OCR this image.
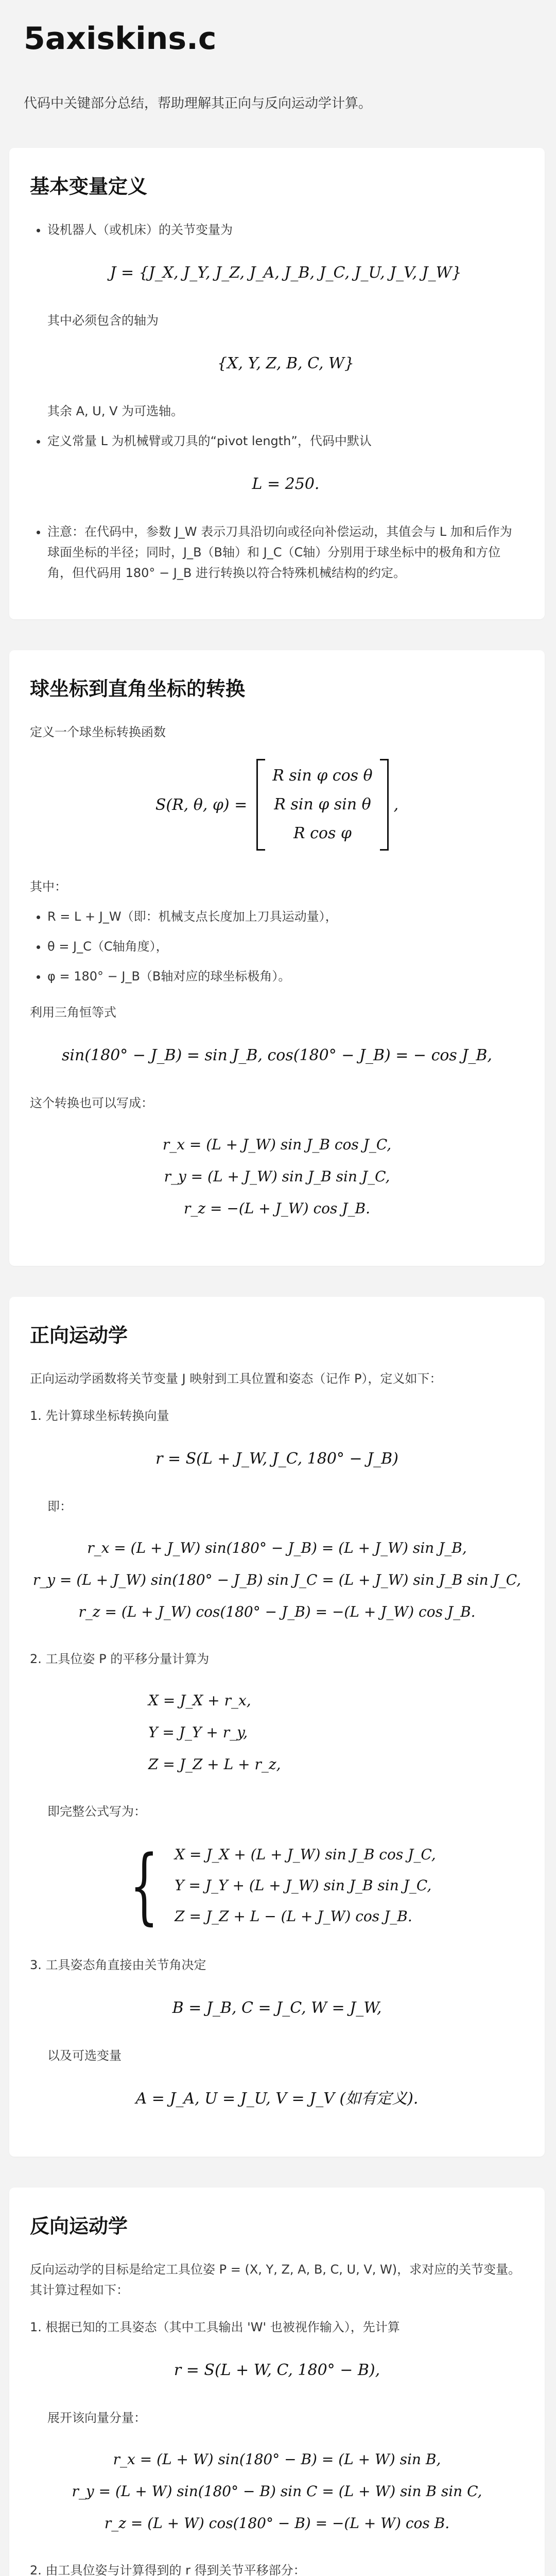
5axiskins.c
代码中关键部分总结，帮助理解其正向与反向运动学计算。
基本变量定义
• 设机器人（或机床）的关节变量为
J = {J_X, J_Y, J_Z, J_A, J_B, J_C, J_U, J_V, J_W}
其中必须包含的轴为
{X, Y, Z, B, C, W}
其余 A, U, V 为可选轴。
• 定义常量 L 为机械臂或刀具的“pivot length”，代码中默认
L = 250.
• 注意：在代码中，参数 J_W 表示刀具沿切向或径向补偿运动，其值会与 L 加和后作为球面坐标的半径；同时，J_B（B轴）和 J_C（C轴）分别用于球坐标中的极角和方位角，但代码用 180° − J_B 进行转换以符合特殊机械结构的约定。
球坐标到直角坐标的转换
定义一个球坐标转换函数
S(R, θ, φ) =
R sin φ cos θ
R sin φ sin θ
R cos φ
,
其中：
• R = L + J_W（即：机械支点长度加上刀具运动量），
• θ = J_C（C轴角度），
• φ = 180° − J_B（B轴对应的球坐标极角）。
利用三角恒等式
sin(180° − J_B) = sin J_B, cos(180° − J_B) = − cos J_B,
这个转换也可以写成：
r_x = (L + J_W) sin J_B cos J_C,
r_y = (L + J_W) sin J_B sin J_C,
r_z = −(L + J_W) cos J_B.
正向运动学
正向运动学函数将关节变量 J 映射到工具位置和姿态（记作 P），定义如下：
1. 先计算球坐标转换向量
r = S(L + J_W, J_C, 180° − J_B)
即：
r_x = (L + J_W) sin(180° − J_B) = (L + J_W) sin J_B,
r_y = (L + J_W) sin(180° − J_B) sin J_C = (L + J_W) sin J_B sin J_C,
r_z = (L + J_W) cos(180° − J_B) = −(L + J_W) cos J_B.
2. 工具位姿 P 的平移分量计算为
X = J_X + r_x,
Y = J_Y + r_y,
Z = J_Z + L + r_z,
即完整公式写为：
{ X = J_X + (L + J_W) sin J_B cos J_C,
Y = J_Y + (L + J_W) sin J_B sin J_C,
Z = J_Z + L − (L + J_W) cos J_B.
3. 工具姿态角直接由关节角决定
B = J_B, C = J_C, W = J_W,
以及可选变量
A = J_A, U = J_U, V = J_V (如有定义).
反向运动学
反向运动学的目标是给定工具位姿 P = (X, Y, Z, A, B, C, U, V, W)，求对应的关节变量。其计算过程如下：
1. 根据已知的工具姿态（其中工具输出 'W' 也被视作输入），先计算
r = S(L + W, C, 180° − B),
展开该向量分量：
r_x = (L + W) sin(180° − B) = (L + W) sin B,
r_y = (L + W) sin(180° − B) sin C = (L + W) sin B sin C,
r_z = (L + W) cos(180° − B) = −(L + W) cos B.
2. 由工具位姿与计算得到的 r 得到关节平移部分：
